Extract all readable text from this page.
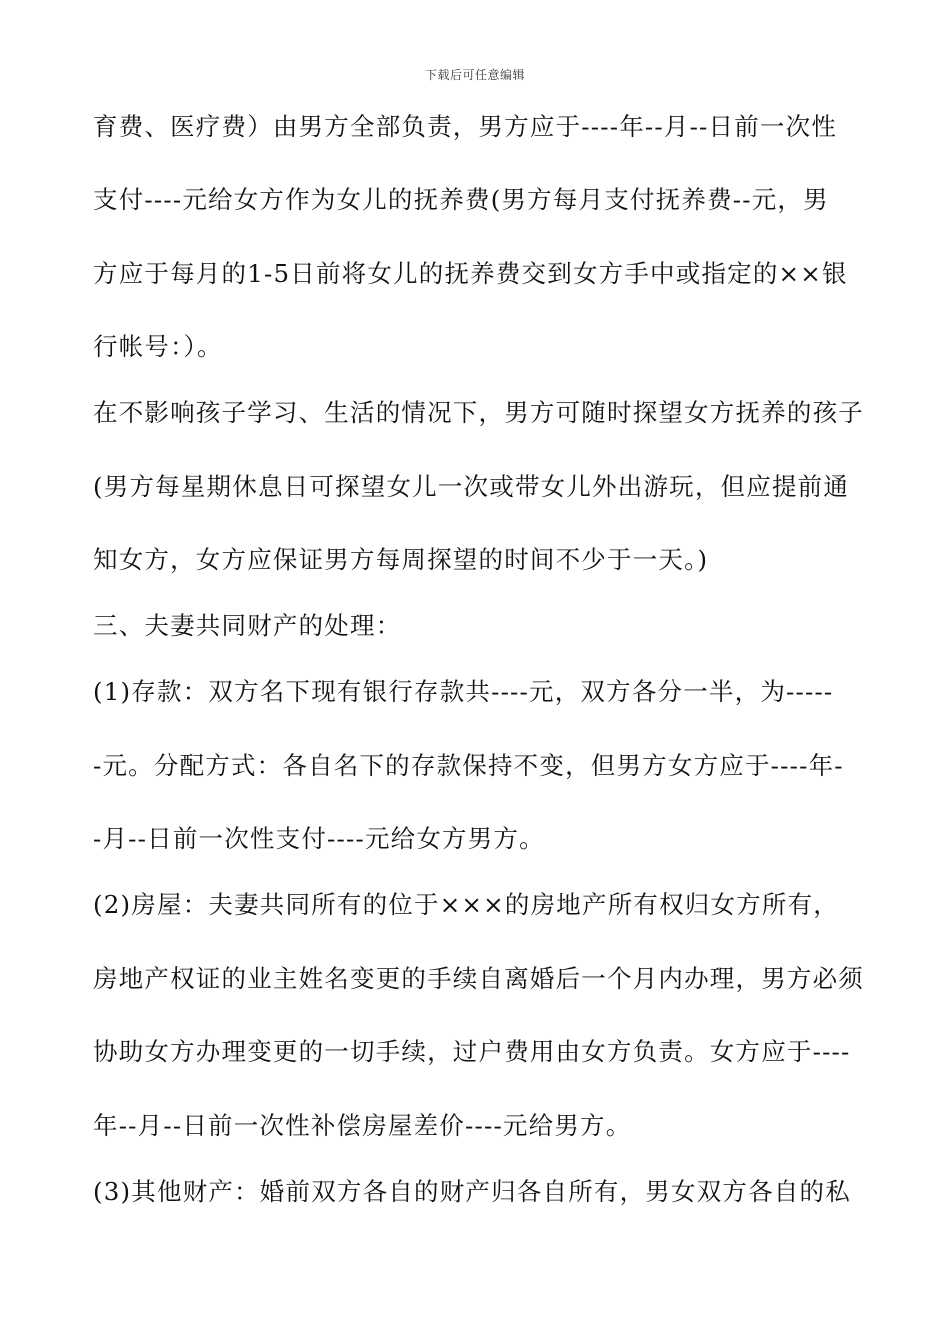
下载后可任意编辑
育费、医疗费）由男方全部负责，男方应于----年--月--日前一次性
支付----元给女方作为女儿的抚养费(男方每月支付抚养费--元，男
方应于每月的1-5日前将女儿的抚养费交到女方手中或指定的××银
行帐号：）。
在不影响孩子学习、生活的情况下，男方可随时探望女方抚养的孩子
(男方每星期休息日可探望女儿一次或带女儿外出游玩，但应提前通
知女方，女方应保证男方每周探望的时间不少于一天。)
三、夫妻共同财产的处理：
(1)存款：双方名下现有银行存款共----元，双方各分一半，为-----
-元。分配方式：各自名下的存款保持不变，但男方女方应于----年-
-月--日前一次性支付----元给女方男方。
(2)房屋：夫妻共同所有的位于×××的房地产所有权归女方所有，
房地产权证的业主姓名变更的手续自离婚后一个月内办理，男方必须
协助女方办理变更的一切手续，过户费用由女方负责。女方应于----
年--月--日前一次性补偿房屋差价----元给男方。
(3)其他财产：婚前双方各自的财产归各自所有，男女双方各自的私
